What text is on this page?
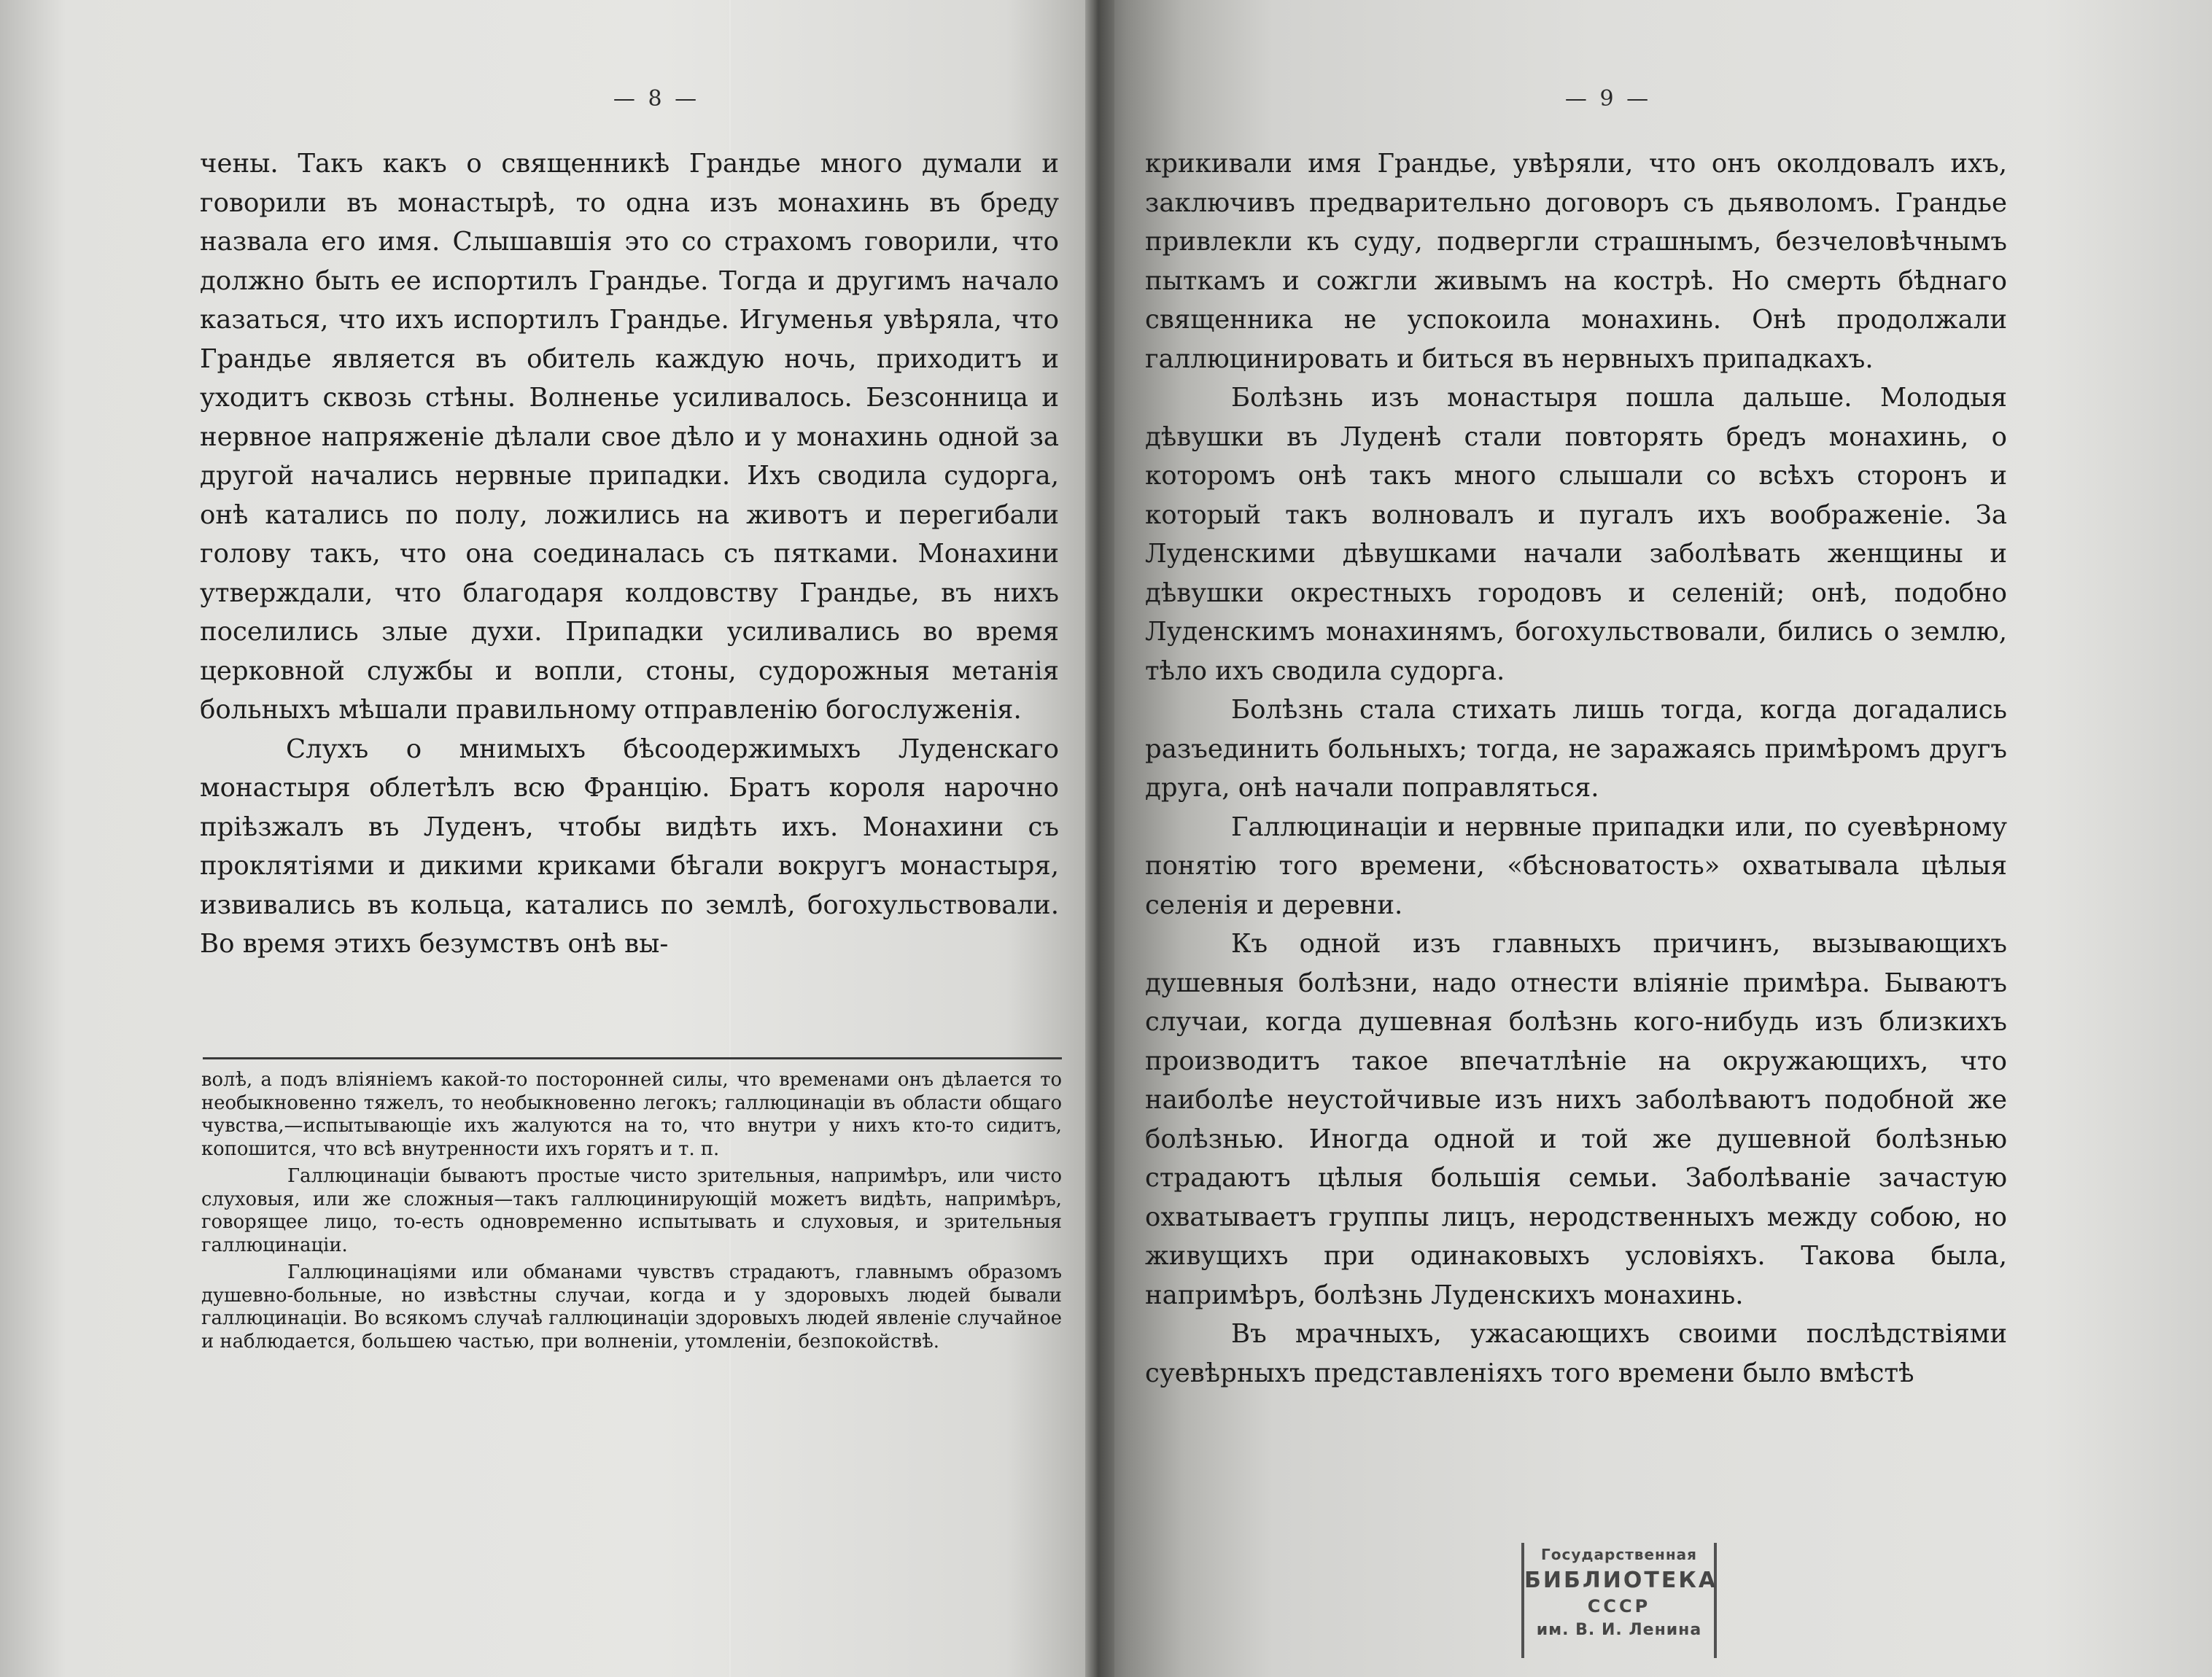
— 8 —	— 9 —

чены. Такъ какъ о священникѣ Грандье много думали и говорили въ монастырѣ, то одна изъ монахинь въ бреду назвала его имя. Слышавшія это со страхомъ говорили, что должно быть ее испортилъ Грандье. Тогда и другимъ начало казаться, что ихъ испортилъ Грандье. Игуменья увѣряла, что Грандье является въ обитель каждую ночь, приходитъ и уходитъ сквозь стѣны. Волненье усиливалось. Безсонница и нервное напряженіе дѣлали свое дѣло и у монахинь одной за другой начались нервные припадки. Ихъ сводила судорга, онѣ катались по полу, ложились на животъ и перегибали голову такъ, что она соединалась съ пятками. Монахини утверждали, что благодаря колдовству Грандье, въ нихъ поселились злые духи. Припадки усиливались во время церковной службы и вопли, стоны, судорожныя метанія больныхъ мѣшали правильному отправленію богослуженія.

Слухъ о мнимыхъ бѣсоодержимыхъ Луденскаго монастыря облетѣлъ всю Францію. Братъ короля нарочно пріѣзжалъ въ Луденъ, чтобы видѣть ихъ. Монахини съ проклятіями и дикими криками бѣгали вокругъ монастыря, извивались въ кольца, катались по землѣ, богохульствовали. Во время этихъ безумствъ онѣ вы-

волѣ, а подъ вліяніемъ какой-то посторонней силы, что временами онъ дѣлается то необыкновенно тяжелъ, то необыкновенно легокъ; галлюцинаціи въ области общаго чувства,—испытывающіе ихъ жалуются на то, что внутри у нихъ кто-то сидитъ, копошится, что всѣ внутренности ихъ горятъ и т. п.

Галлюцинаціи бываютъ простые чисто зрительныя, напримѣръ, или чисто слуховыя, или же сложныя—такъ галлюцинирующій можетъ видѣть, напримѣръ, говорящее лицо, то-есть одновременно испытывать и слуховыя, и зрительныя галлюцинаціи.

Галлюцинаціями или обманами чувствъ страдаютъ, главнымъ образомъ душевно-больные, но извѣстны случаи, когда и у здоровыхъ людей бывали галлюцинаціи. Во всякомъ случаѣ галлюцинаціи здоровыхъ людей явленіе случайное и наблюдается, большею частью, при волненіи, утомленіи, безпокойствѣ.

крикивали имя Грандье, увѣряли, что онъ околдовалъ ихъ, заключивъ предварительно договоръ съ дьяволомъ. Грандье привлекли къ суду, подвергли страшнымъ, безчеловѣчнымъ пыткамъ и сожгли живымъ на кострѣ. Но смерть бѣднаго священника не успокоила монахинь. Онѣ продолжали галлюцинировать и биться въ нервныхъ припадкахъ.

Болѣзнь изъ монастыря пошла дальше. Молодыя дѣвушки въ Луденѣ стали повторять бредъ монахинь, о которомъ онѣ такъ много слышали со всѣхъ сторонъ и который такъ волновалъ и пугалъ ихъ воображеніе. За Луденскими дѣвушками начали заболѣвать женщины и дѣвушки окрестныхъ городовъ и селеній; онѣ, подобно Луденскимъ монахинямъ, богохульствовали, бились о землю, тѣло ихъ сводила судорга.

Болѣзнь стала стихать лишь тогда, когда догадались разъединить больныхъ; тогда, не заражаясь примѣромъ другъ друга, онѣ начали поправляться.

Галлюцинаціи и нервные припадки или, по суевѣрному понятію того времени, «бѣсноватость» охватывала цѣлыя селенія и деревни.

Къ одной изъ главныхъ причинъ, вызывающихъ душевныя болѣзни, надо отнести вліяніе примѣра. Бываютъ случаи, когда душевная болѣзнь кого-нибудь изъ близкихъ производитъ такое впечатлѣніе на окружающихъ, что наиболѣе неустойчивые изъ нихъ заболѣваютъ подобной же болѣзнью. Иногда одной и той же душевной болѣзнью страдаютъ цѣлыя большія семьи. Заболѣваніе зачастую охватываетъ группы лицъ, неродственныхъ между собою, но живущихъ при одинаковыхъ условіяхъ. Такова была, напримѣръ, болѣзнь Луденскихъ монахинь.

Въ мрачныхъ, ужасающихъ своими послѣдствіями суевѣрныхъ представленіяхъ того времени было вмѣстѣ

Государственная
БИБЛИОТЕКА
СССР
им. В. И. Ленина
